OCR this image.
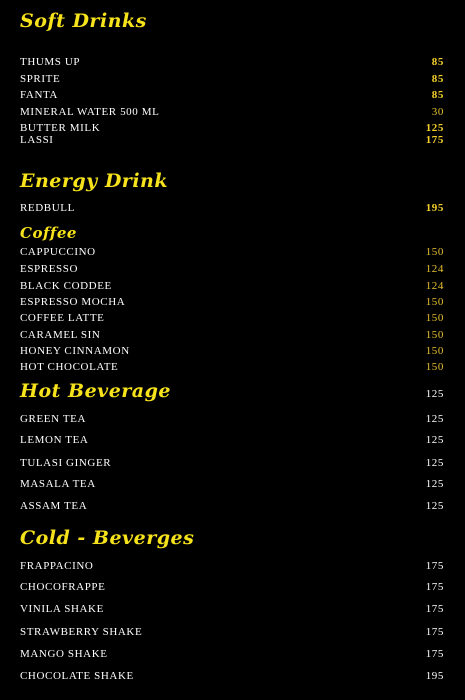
Soft Drinks
THUMS UP	85
SPRITE	85
FANTA	85
MINERAL WATER 500 ML	30
BUTTER MILK	125
LASSI	175
Energy Drink
REDBULL	195
Coffee
CAPPUCCINO	150
ESPRESSO	124
BLACK CODDEE	124
ESPRESSO MOCHA	150
COFFEE LATTE	150
CARAMEL SIN	150
HONEY CINNAMON	150
HOT CHOCOLATE	150
Hot Beverage	125
GREEN TEA	125
LEMON TEA	125
TULASI GINGER	125
MASALA TEA	125
ASSAM TEA	125
Cold - Beverges
FRAPPACINO	175
CHOCOFRAPPE	175
VINILA SHAKE	175
STRAWBERRY SHAKE	175
MANGO SHAKE	175
CHOCOLATE SHAKE	195
